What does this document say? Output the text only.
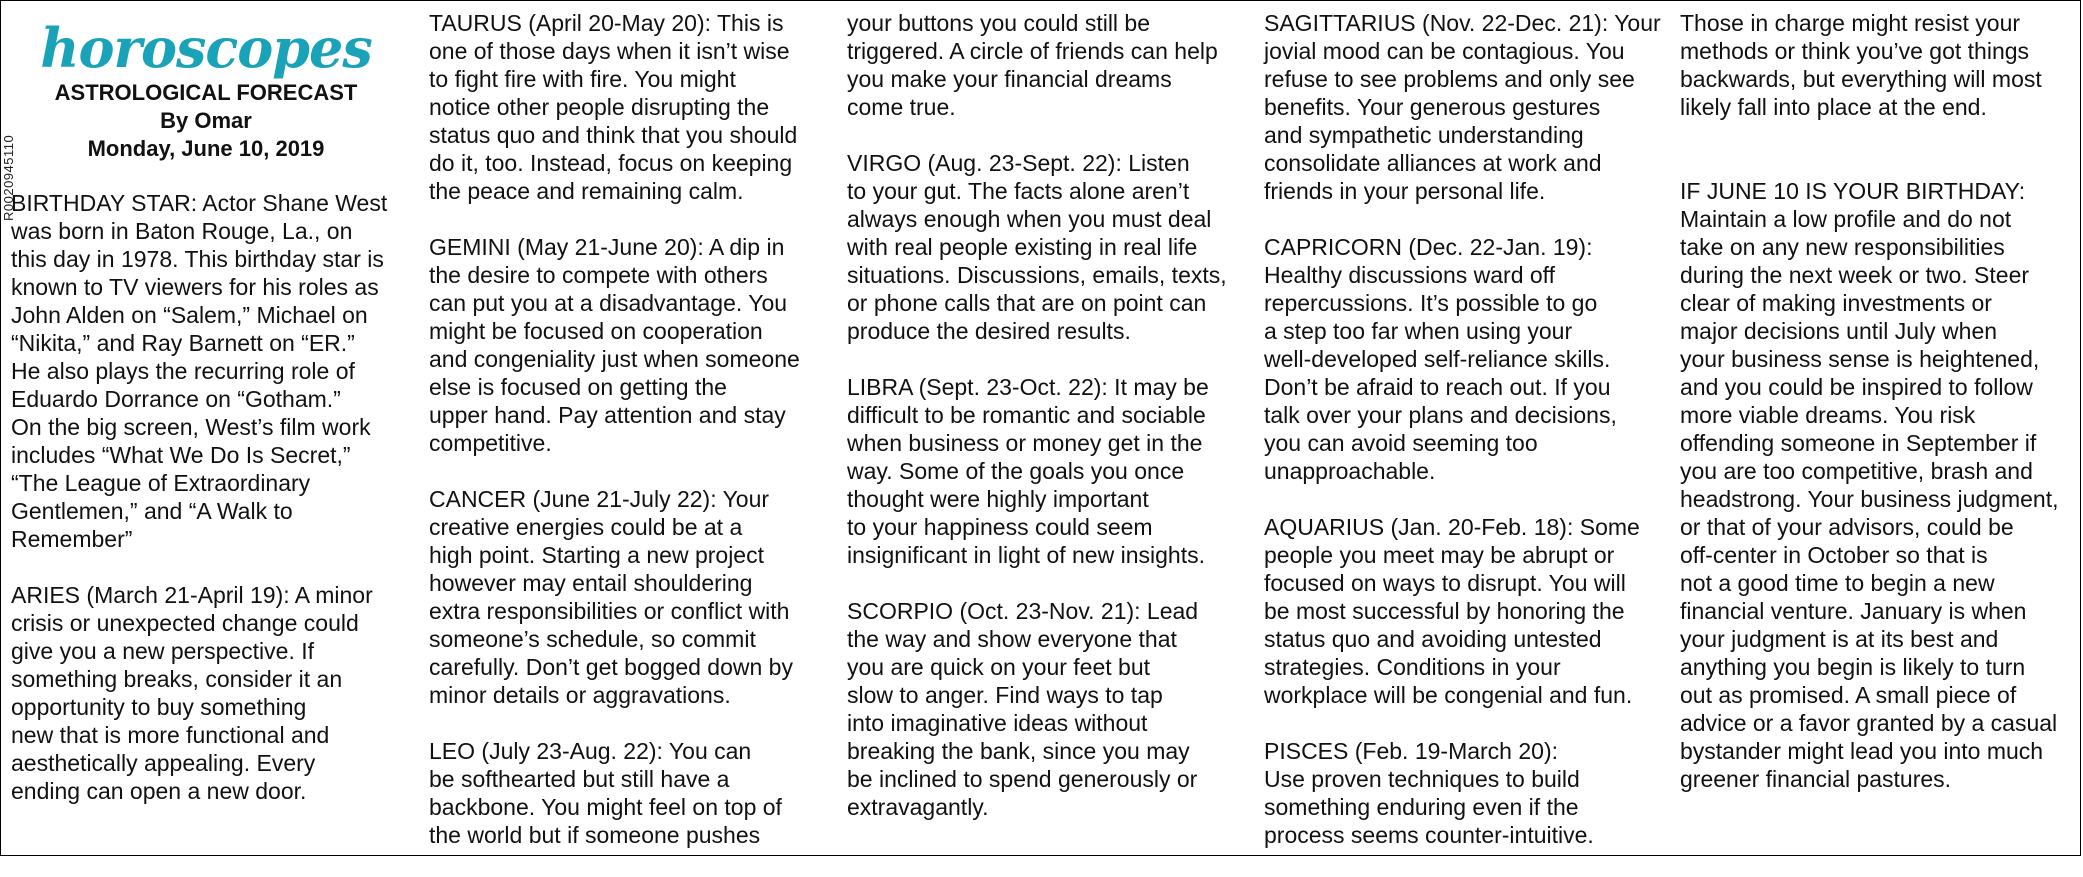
R0020945110
horoscopes
ASTROLOGICAL FORECAST
By Omar
Monday, June 10, 2019

BIRTHDAY STAR: Actor Shane West
was born in Baton Rouge, La., on
this day in 1978. This birthday star is
known to TV viewers for his roles as
John Alden on “Salem,” Michael on
“Nikita,” and Ray Barnett on “ER.”
He also plays the recurring role of
Eduardo Dorrance on “Gotham.”
On the big screen, West’s film work
includes “What We Do Is Secret,”
“The League of Extraordinary
Gentlemen,” and “A Walk to
Remember”

ARIES (March 21-April 19): A minor
crisis or unexpected change could
give you a new perspective. If
something breaks, consider it an
opportunity to buy something
new that is more functional and
aesthetically appealing. Every
ending can open a new door.

TAURUS (April 20-May 20): This is
one of those days when it isn’t wise
to fight fire with fire. You might
notice other people disrupting the
status quo and think that you should
do it, too. Instead, focus on keeping
the peace and remaining calm.

GEMINI (May 21-June 20): A dip in
the desire to compete with others
can put you at a disadvantage. You
might be focused on cooperation
and congeniality just when someone
else is focused on getting the
upper hand. Pay attention and stay
competitive.

CANCER (June 21-July 22): Your
creative energies could be at a
high point. Starting a new project
however may entail shouldering
extra responsibilities or conflict with
someone’s schedule, so commit
carefully. Don’t get bogged down by
minor details or aggravations.

LEO (July 23-Aug. 22): You can
be softhearted but still have a
backbone. You might feel on top of
the world but if someone pushes

your buttons you could still be
triggered. A circle of friends can help
you make your financial dreams
come true.

VIRGO (Aug. 23-Sept. 22): Listen
to your gut. The facts alone aren’t
always enough when you must deal
with real people existing in real life
situations. Discussions, emails, texts,
or phone calls that are on point can
produce the desired results.

LIBRA (Sept. 23-Oct. 22): It may be
difficult to be romantic and sociable
when business or money get in the
way. Some of the goals you once
thought were highly important
to your happiness could seem
insignificant in light of new insights.

SCORPIO (Oct. 23-Nov. 21): Lead
the way and show everyone that
you are quick on your feet but
slow to anger. Find ways to tap
into imaginative ideas without
breaking the bank, since you may
be inclined to spend generously or
extravagantly.

SAGITTARIUS (Nov. 22-Dec. 21): Your
jovial mood can be contagious. You
refuse to see problems and only see
benefits. Your generous gestures
and sympathetic understanding
consolidate alliances at work and
friends in your personal life.

CAPRICORN (Dec. 22-Jan. 19):
Healthy discussions ward off
repercussions. It’s possible to go
a step too far when using your
well-developed self-reliance skills.
Don’t be afraid to reach out. If you
talk over your plans and decisions,
you can avoid seeming too
unapproachable.

AQUARIUS (Jan. 20-Feb. 18): Some
people you meet may be abrupt or
focused on ways to disrupt. You will
be most successful by honoring the
status quo and avoiding untested
strategies. Conditions in your
workplace will be congenial and fun.

PISCES (Feb. 19-March 20):
Use proven techniques to build
something enduring even if the
process seems counter-intuitive.

Those in charge might resist your
methods or think you’ve got things
backwards, but everything will most
likely fall into place at the end.

IF JUNE 10 IS YOUR BIRTHDAY:
Maintain a low profile and do not
take on any new responsibilities
during the next week or two. Steer
clear of making investments or
major decisions until July when
your business sense is heightened,
and you could be inspired to follow
more viable dreams. You risk
offending someone in September if
you are too competitive, brash and
headstrong. Your business judgment,
or that of your advisors, could be
off-center in October so that is
not a good time to begin a new
financial venture. January is when
your judgment is at its best and
anything you begin is likely to turn
out as promised. A small piece of
advice or a favor granted by a casual
bystander might lead you into much
greener financial pastures.
